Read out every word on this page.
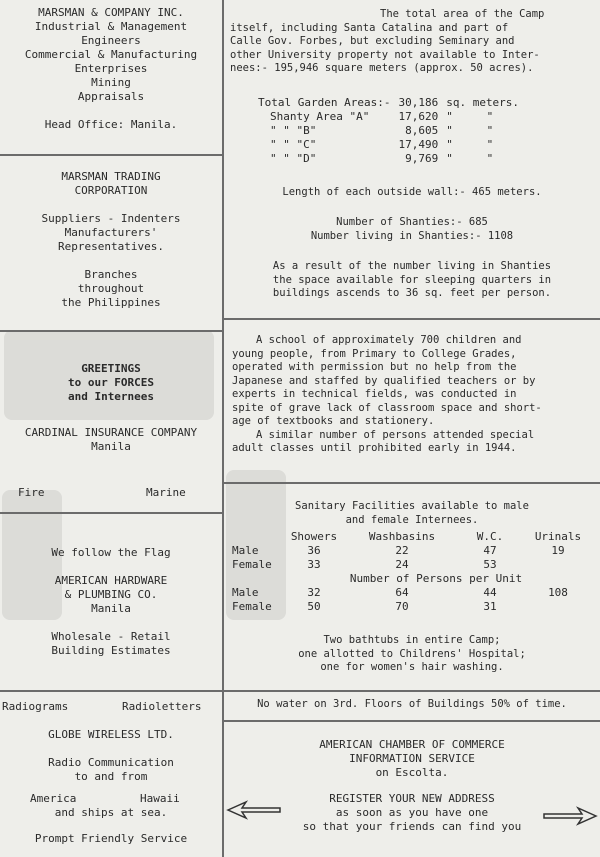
MARSMAN & COMPANY INC.
Industrial & Management
Engineers
Commercial & Manufacturing
Enterprises
Mining
Appraisals
Head Office: Manila.
MARSMAN TRADING
CORPORATION
Suppliers - Indenters
Manufacturers'
Representatives.
Branches
throughout
the Philippines
GREETINGS
to our FORCES
and Internees
CARDINAL INSURANCE COMPANY
Manila
Fire	Marine
We follow the Flag
AMERICAN HARDWARE
& PLUMBING CO.
Manila
Wholesale - Retail
Building Estimates
Radiograms	Radioletters
GLOBE WIRELESS LTD.
Radio Communication
to and from
America	Hawaii
and ships at sea.
Prompt Friendly Service
The total area of the Camp
itself, including Santa Catalina and part of
Calle Gov. Forbes, but excluding Seminary and
other University property not available to Inter-
nees:- 195,946 square meters (approx. 50 acres).
Total Garden Areas:-	30,186	sq. meters.	
Shanty Area "A"	17,620	"	"
" " "B"	8,605	"	"
" " "C"	17,490	"	"
" " "D"	9,769	"	"
Length of each outside wall:- 465 meters.
Number of Shanties:- 685
Number living in Shanties:- 1108
As a result of the number living in Shanties
the space available for sleeping quarters in
buildings ascends to 36 sq. feet per person.
A school of approximately 700 children and
young people, from Primary to College Grades,
operated with permission but no help from the
Japanese and staffed by qualified teachers or by
experts in technical fields, was conducted in
spite of grave lack of classroom space and short-
age of textbooks and stationery.
A similar number of persons attended special
adult classes until prohibited early in 1944.
Sanitary Facilities available to male
and female Internees.
	Showers	Washbasins	W.C.	Urinals
Male	36	22	47	19
Female	33	24	53	
	Number of Persons per Unit			
Male	32	64	44	108
Female	50	70	31	
Two bathtubs in entire Camp;
one allotted to Childrens' Hospital;
one for women's hair washing.
No water on 3rd. Floors of Buildings 50% of time.
AMERICAN CHAMBER OF COMMERCE
INFORMATION SERVICE
on Escolta.
REGISTER YOUR NEW ADDRESS
as soon as you have one
so that your friends can find you
